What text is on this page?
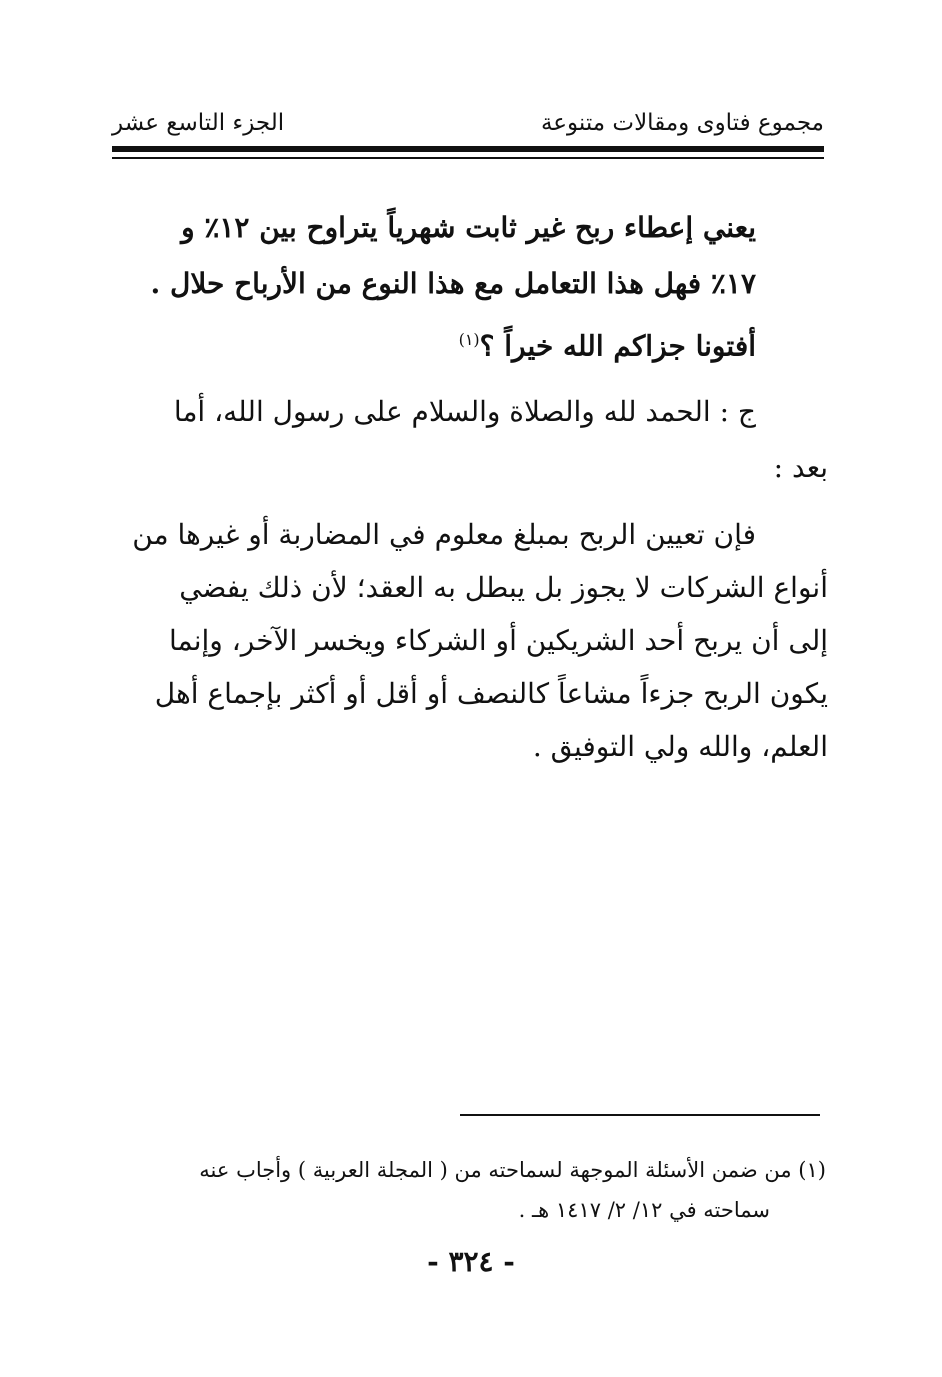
مجموع فتاوى ومقالات متنوعة
الجزء التاسع عشر

يعني إعطاء ربح غير ثابت شهرياً يتراوح بين ١٢٪ و
١٧٪ فهل هذا التعامل مع هذا النوع من الأرباح حلال .
أفتونا جزاكم الله خيراً ؟$^{(١)}$

ج : الحمد لله والصلاة والسلام على رسول الله، أما
بعد :

فإن تعيين الربح بمبلغ معلوم في المضاربة أو غيرها من
أنواع الشركات لا يجوز بل يبطل به العقد؛ لأن ذلك يفضي
إلى أن يربح أحد الشريكين أو الشركاء ويخسر الآخر، وإنما
يكون الربح جزءاً مشاعاً كالنصف أو أقل أو أكثر بإجماع أهل
العلم، والله ولي التوفيق .

(١) من ضمن الأسئلة الموجهة لسماحته من ( المجلة العربية ) وأجاب عنه
سماحته في ١٢/ ٢/ ١٤١٧ هـ .
- ٣٢٤ -
